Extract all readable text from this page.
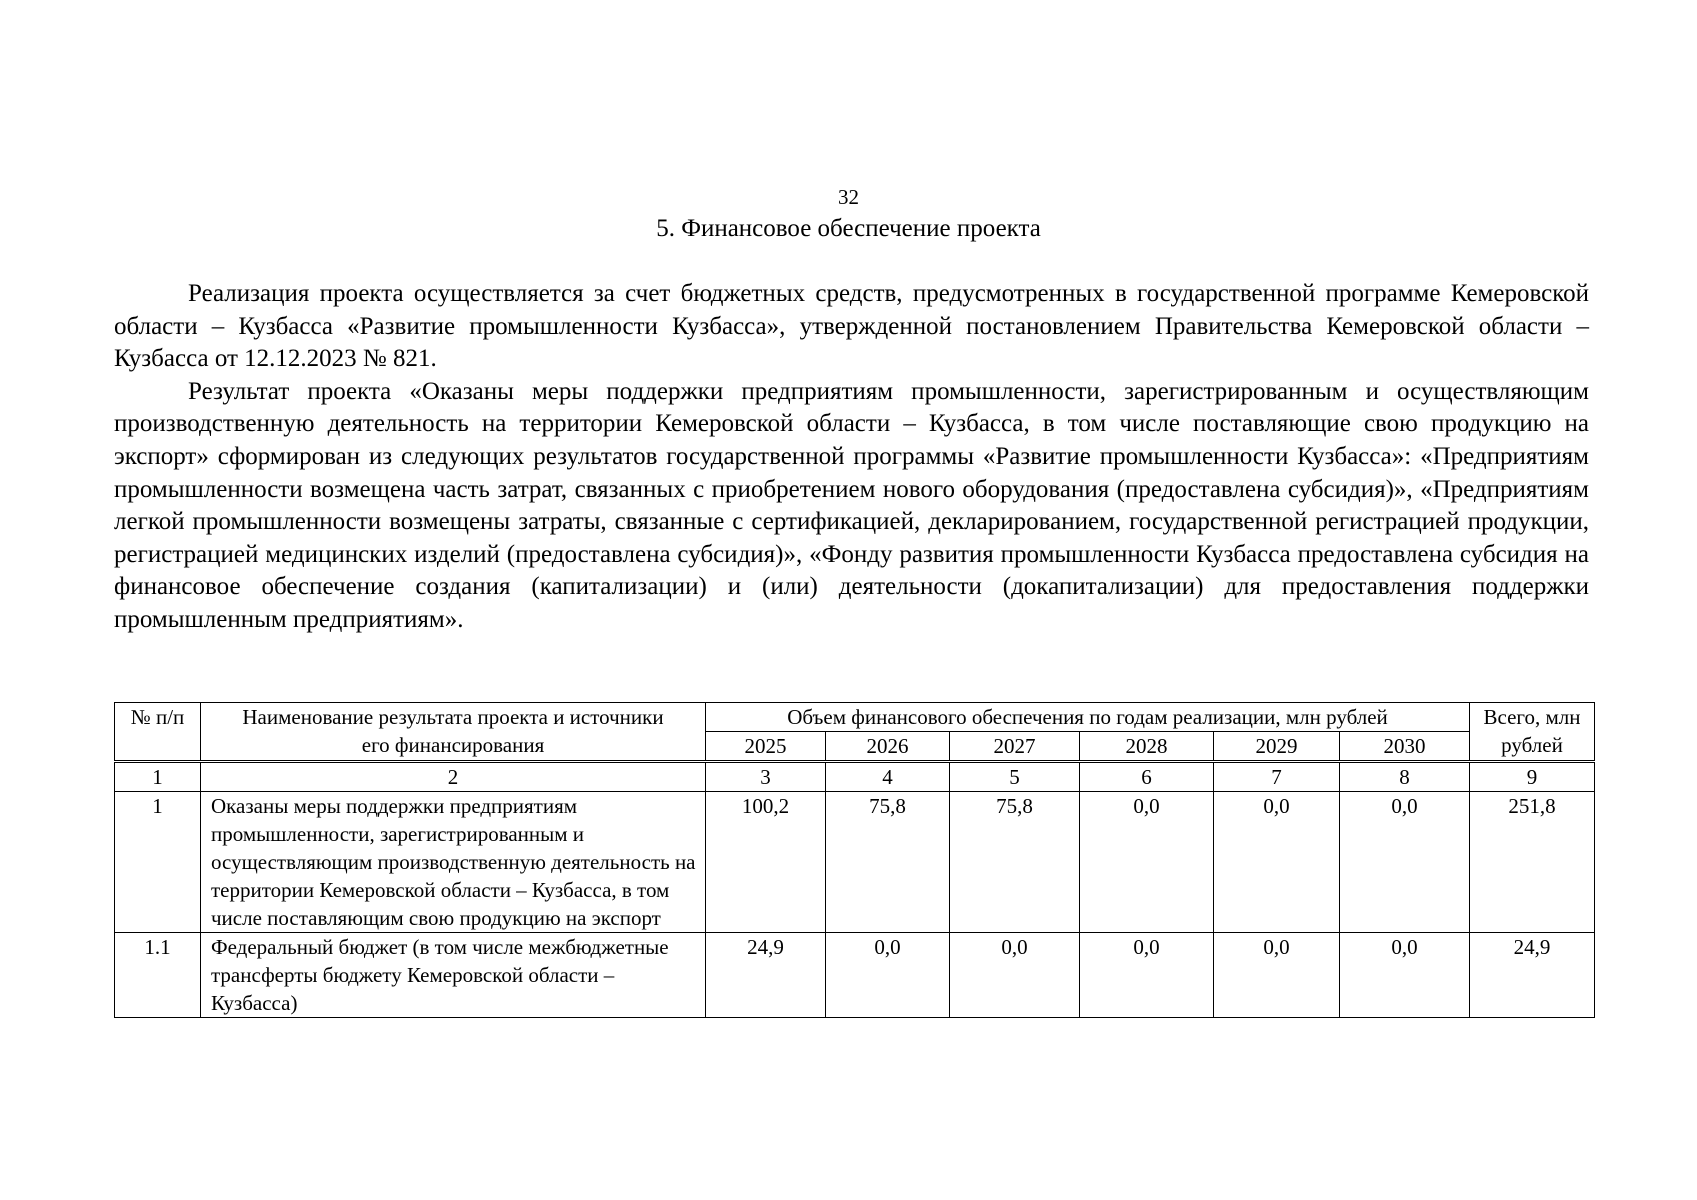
32
5. Финансовое обеспечение проекта

Реализация проекта осуществляется за счет бюджетных средств, предусмотренных в государственной программе Кемеровской области – Кузбасса «Развитие промышленности Кузбасса», утвержденной постановлением Правительства Кемеровской области – Кузбасса от 12.12.2023 № 821.

Результат проекта «Оказаны меры поддержки предприятиям промышленности, зарегистрированным и осуществляющим производственную деятельность на территории Кемеровской области – Кузбасса, в том числе поставляющие свою продукцию на экспорт» сформирован из следующих результатов государственной программы «Развитие промышленности Кузбасса»: «Предприятиям промышленности возмещена часть затрат, связанных с приобретением нового оборудования (предоставлена субсидия)», «Предприятиям легкой промышленности возмещены затраты, связанные с сертификацией, декларированием, государственной регистрацией продукции, регистрацией медицинских изделий (предоставлена субсидия)», «Фонду развития промышленности Кузбасса предоставлена субсидия на финансовое обеспечение создания (капитализации) и (или) деятельности (докапитализации) для предоставления поддержки промышленным предприятиям».

№ п/п	Наименование результата проекта и источники его финансирования	Объем финансового обеспечения по годам реализации, млн рублей						Всего, млн рублей
		2025	2026	2027	2028	2029	2030	
1	2	3	4	5	6	7	8	9
1	Оказаны меры поддержки предприятиям промышленности, зарегистрированным и осуществляющим производственную деятельность на территории Кемеровской области – Кузбасса, в том числе поставляющим свою продукцию на экспорт	100,2	75,8	75,8	0,0	0,0	0,0	251,8
1.1	Федеральный бюджет (в том числе межбюджетные трансферты бюджету Кемеровской области – Кузбасса)	24,9	0,0	0,0	0,0	0,0	0,0	24,9
